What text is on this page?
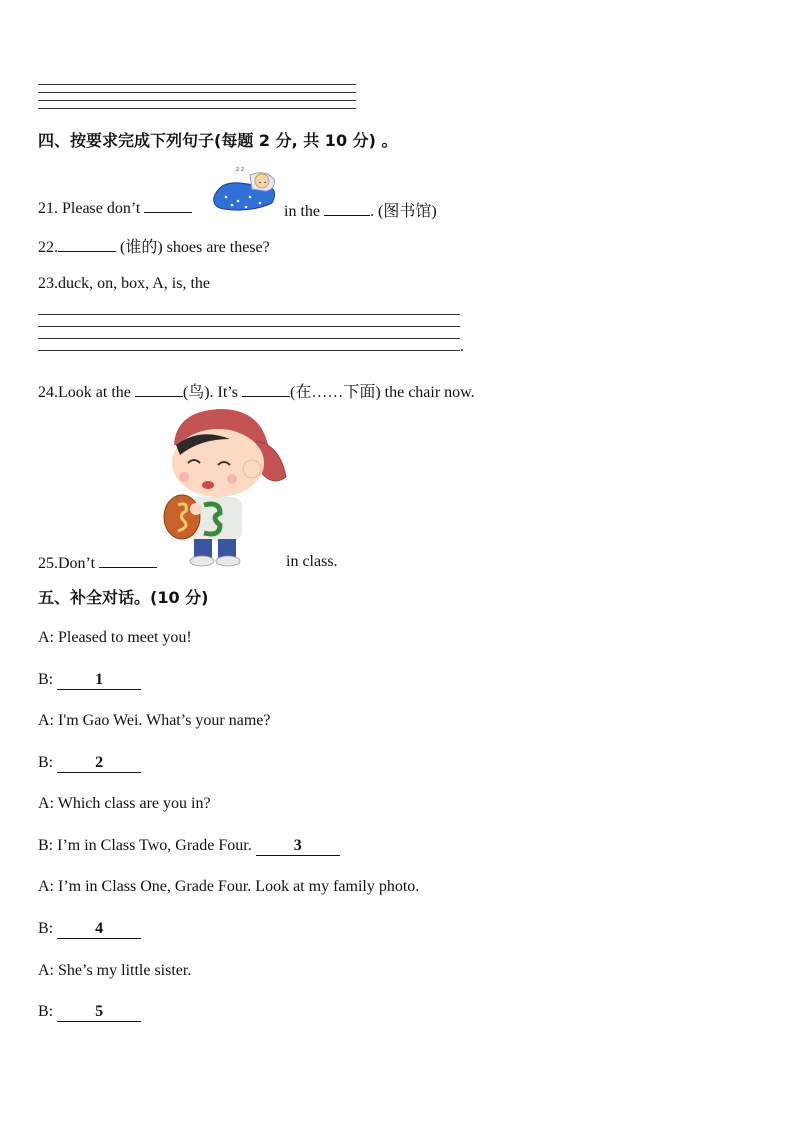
四、按要求完成下列句子(每题 2 分, 共 10 分) 。
21. Please don’t
z z
in the	. (图书馆)
22.	(谁的) shoes are these?
23.duck, on, box, A, is, the
.
24.Look at the	(鸟). It’s	(在……下面) the chair now.
25.Don’t	in class.
五、补全对话。(10 分)
A: Pleased to meet you!
B:	1
A: I'm Gao Wei. What’s your name?
B:	2
A: Which class are you in?
B: I’m in Class Two, Grade Four.	3
A: I’m in Class One, Grade Four. Look at my family photo.
B:	4
A: She’s my little sister.
B:	5
